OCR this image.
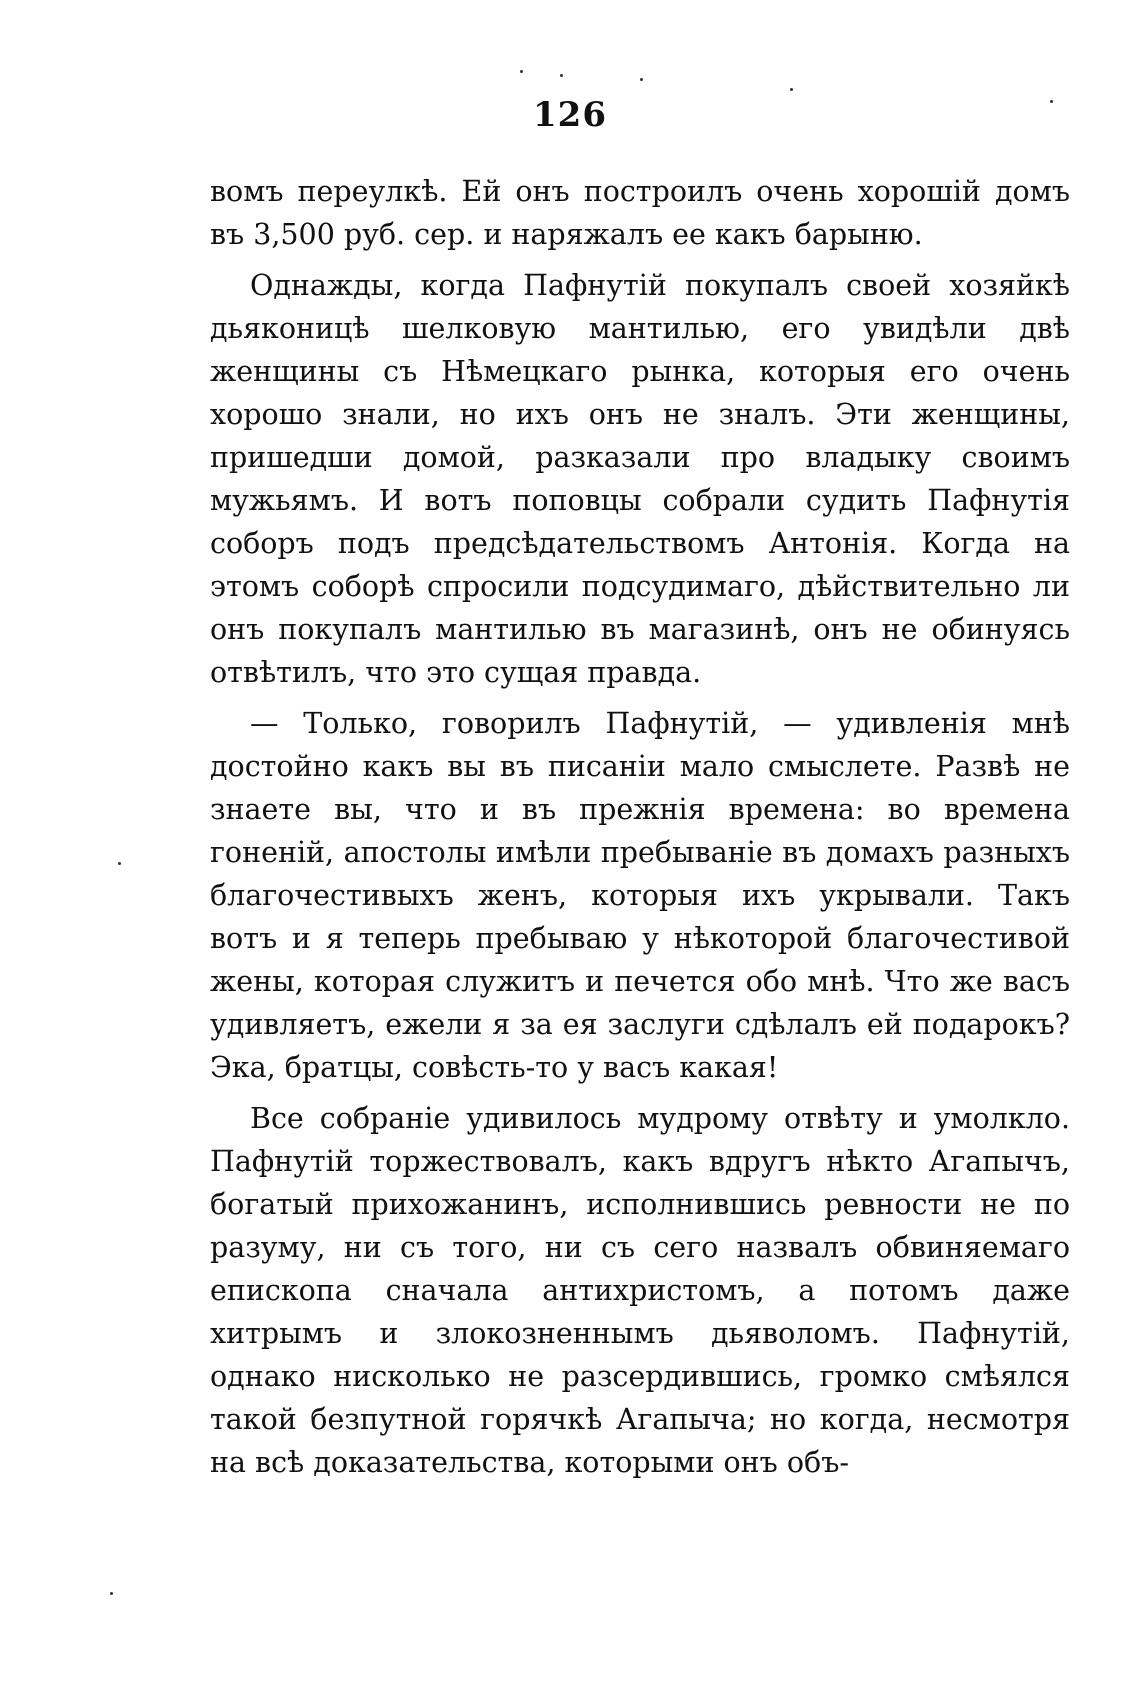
126

вомъ переулкѣ. Ей онъ построилъ очень хорошій домъ въ 3,500 руб. сер. и наряжалъ ее какъ барыню.

Однажды, когда Пафнутій покупалъ своей хозяйкѣ дьяконицѣ шелковую мантилью, его увидѣли двѣ женщины съ Нѣмецкаго рынка, которыя его очень хорошо знали, но ихъ онъ не зналъ. Эти женщины, пришедши домой, разказали про владыку своимъ мужьямъ. И вотъ поповцы собрали судить Пафнутія соборъ подъ предсѣдательствомъ Антонія. Когда на этомъ соборѣ спросили подсудимаго, дѣйствительно ли онъ покупалъ мантилью въ магазинѣ, онъ не обинуясь отвѣтилъ, что это сущая правда.

— Только, говорилъ Пафнутій, — удивленія мнѣ достойно какъ вы въ писаніи мало смыслете. Развѣ не знаете вы, что и въ прежнія времена: во времена гоненій, апостолы имѣли пребываніе въ домахъ разныхъ благочестивыхъ женъ, которыя ихъ укрывали. Такъ вотъ и я теперь пребываю у нѣкоторой благочестивой жены, которая служитъ и печется обо мнѣ. Что же васъ удивляетъ, ежели я за ея заслуги сдѣлалъ ей подарокъ? Эка, братцы, совѣсть-то у васъ какая!

Все собраніе удивилось мудрому отвѣту и умолкло. Пафнутій торжествовалъ, какъ вдругъ нѣкто Агапычъ, богатый прихожанинъ, исполнившись ревности не по разуму, ни съ того, ни съ сего назвалъ обвиняемаго епископа сначала антихристомъ, а потомъ даже хитрымъ и злокозненнымъ дьяволомъ. Пафнутій, однако нисколько не разсердившись, громко смѣялся такой безпутной горячкѣ Агапыча; но когда, несмотря на всѣ доказательства, которыми онъ объ-
